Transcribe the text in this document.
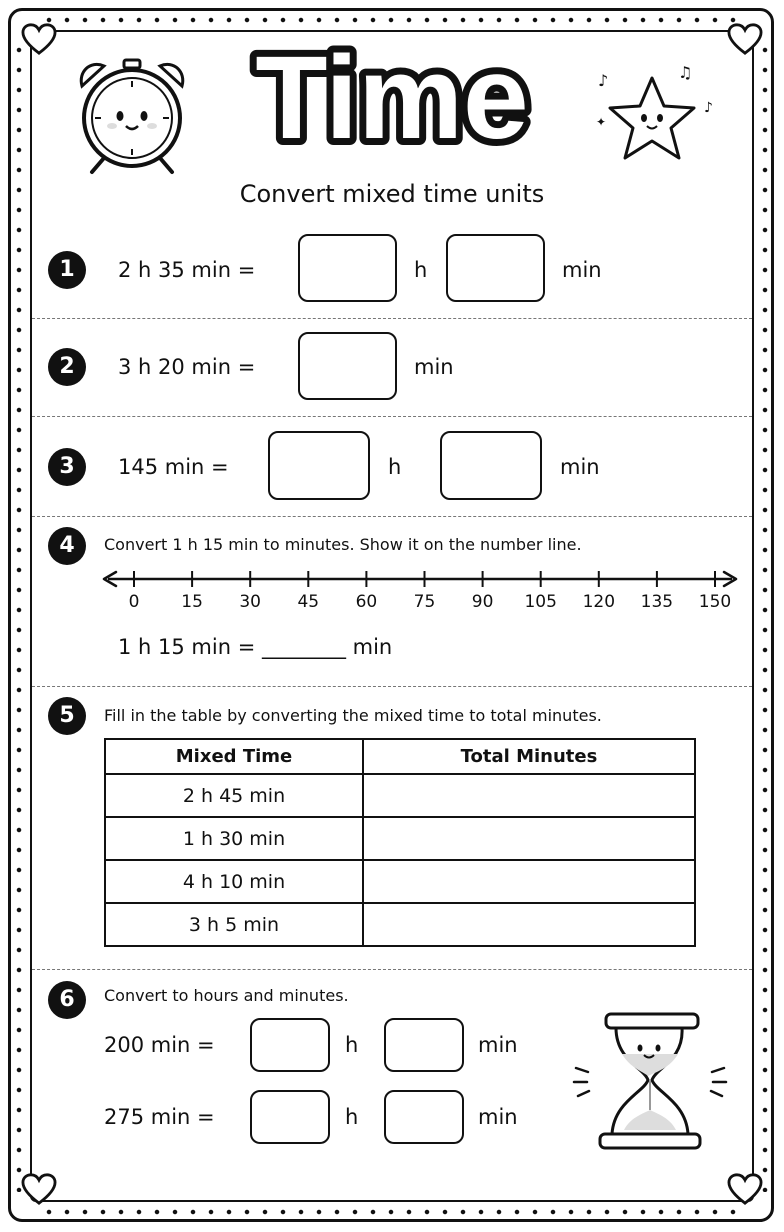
Time	♪	♫
♪
✦
Convert mixed time units
1	2 h 35 min =	h	min
2	3 h 20 min =	min
3	145 min =	h	min
4	Convert 1 h 15 min to minutes. Show it on the number line.
0	15	30	45	60	75	90	105 120 135 150
1 h 15 min = ________ min
5	Fill in the table by converting the mixed time to total minutes.
Mixed Time	Total Minutes
2 h 45 min	
1 h 30 min	
4 h 10 min	
3 h 5 min	
6	Convert to hours and minutes.
200 min =	h	min
275 min =	h	min
